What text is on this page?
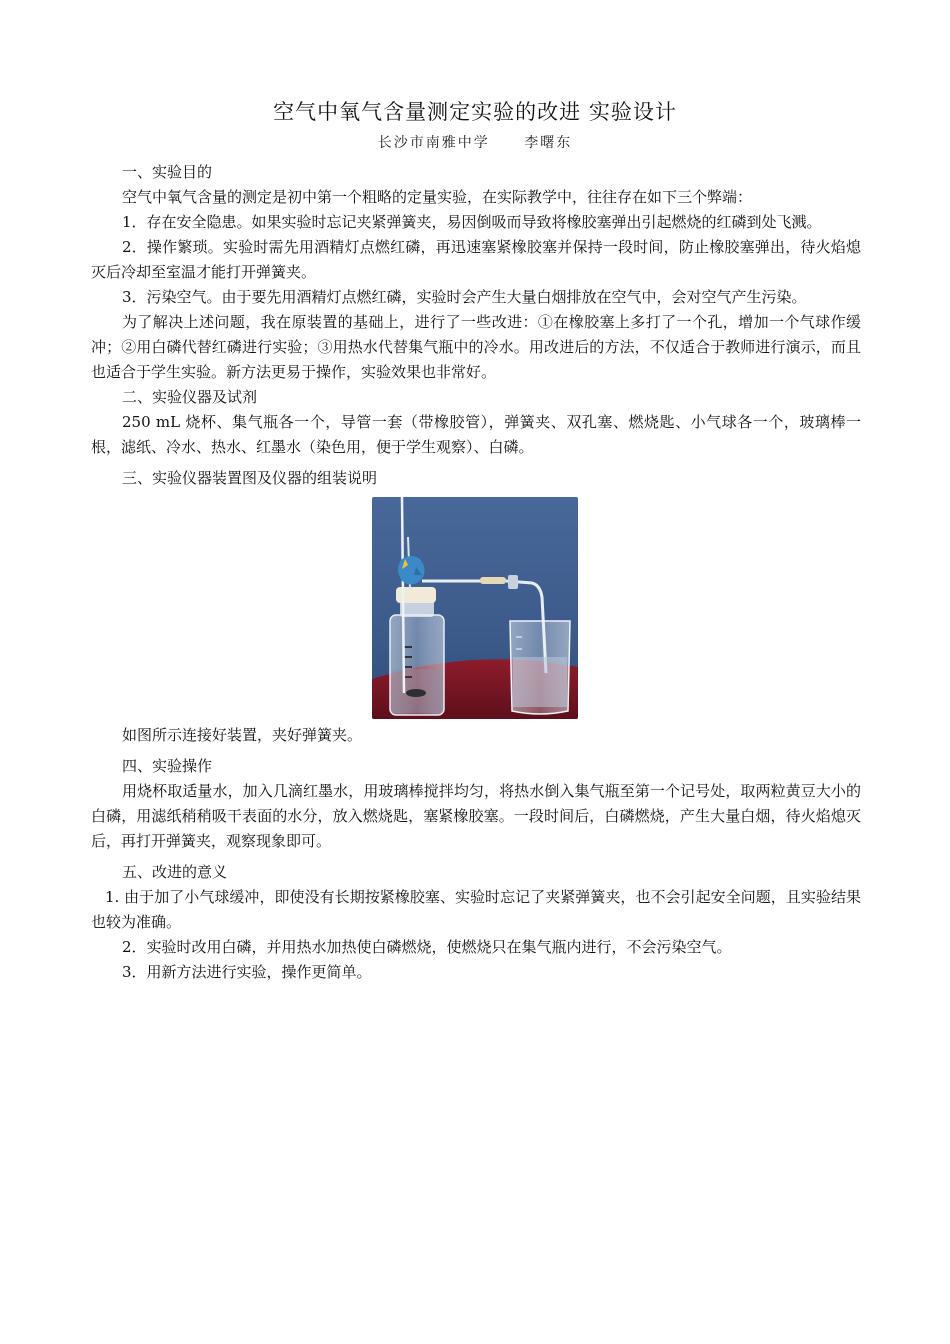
空气中氧气含量测定实验的改进 实验设计
长沙市南雅中学 李曙东

一、实验目的

空气中氧气含量的测定是初中第一个粗略的定量实验，在实际教学中，往往存在如下三个弊端：

1．存在安全隐患。如果实验时忘记夹紧弹簧夹，易因倒吸而导致将橡胶塞弹出引起燃烧的红磷到处飞溅。

2．操作繁琐。实验时需先用酒精灯点燃红磷，再迅速塞紧橡胶塞并保持一段时间，防止橡胶塞弹出，待火焰熄灭后冷却至室温才能打开弹簧夹。

3．污染空气。由于要先用酒精灯点燃红磷，实验时会产生大量白烟排放在空气中，会对空气产生污染。

为了解决上述问题，我在原装置的基础上，进行了一些改进：①在橡胶塞上多打了一个孔，增加一个气球作缓冲；②用白磷代替红磷进行实验；③用热水代替集气瓶中的冷水。用改进后的方法，不仅适合于教师进行演示，而且也适合于学生实验。新方法更易于操作，实验效果也非常好。

二、实验仪器及试剂

250 mL 烧杯、集气瓶各一个，导管一套（带橡胶管），弹簧夹、双孔塞、燃烧匙、小气球各一个，玻璃棒一根，滤纸、冷水、热水、红墨水（染色用，便于学生观察）、白磷。

三、实验仪器装置图及仪器的组装说明

如图所示连接好装置，夹好弹簧夹。

四、实验操作

用烧杯取适量水，加入几滴红墨水，用玻璃棒搅拌均匀，将热水倒入集气瓶至第一个记号处，取两粒黄豆大小的白磷，用滤纸稍稍吸干表面的水分，放入燃烧匙，塞紧橡胶塞。一段时间后，白磷燃烧，产生大量白烟，待火焰熄灭后，再打开弹簧夹，观察现象即可。

五、改进的意义

1. 由于加了小气球缓冲，即使没有长期按紧橡胶塞、实验时忘记了夹紧弹簧夹，也不会引起安全问题，且实验结果也较为准确。

2．实验时改用白磷，并用热水加热使白磷燃烧，使燃烧只在集气瓶内进行，不会污染空气。

3．用新方法进行实验，操作更简单。
